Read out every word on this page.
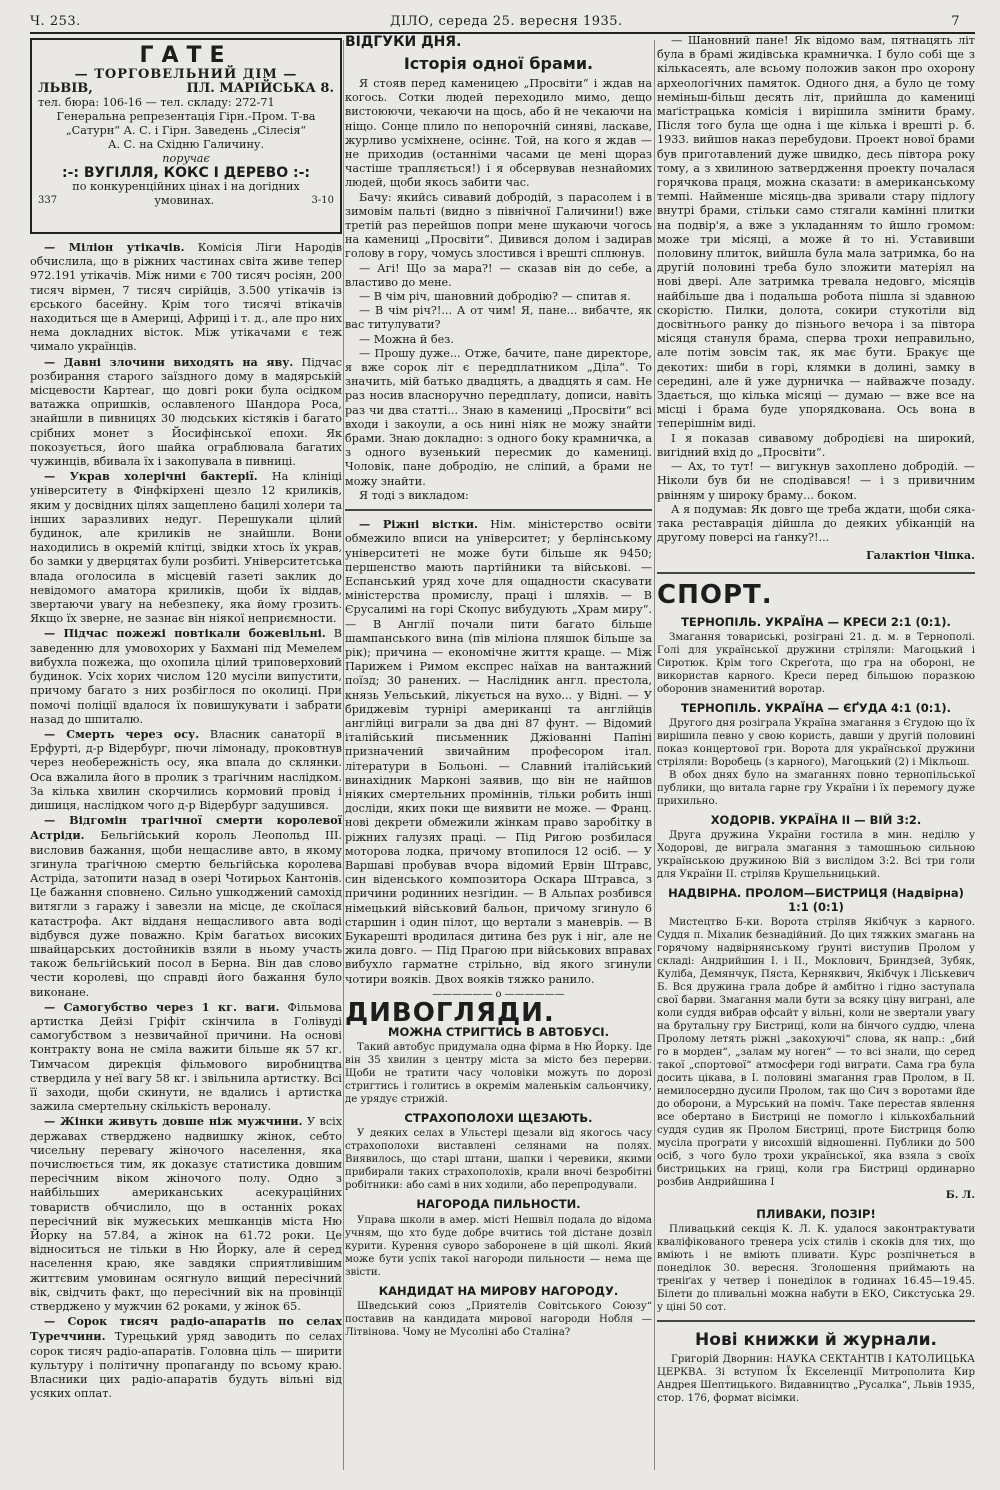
Ч. 253.	ДІЛО, середа 25. вересня 1935.	7
ГАТЕ
— ТОРГОВЕЛЬНИЙ ДІМ —
ЛЬВІВ,	ПЛ. МАРІЙСЬКА 8.
тел. бюра: 106-16 — тел. складу: 272-71
Генеральна репрезентація Гірн.-Пром. Т-ва
„Сатурн“ А. С. і Гірн. Заведень „Сілесія“
А. С. на Східню Галичину.
поручає
:-: ВУГІЛЛЯ, КОКС І ДЕРЕВО :-:
по конкуренційних цінах і на догідних
337	умовинах.	3-10

— Міліон утікачів. Комісія Ліги Народів обчислила, що в ріжних частинах світа живе тепер 972.191 утікачів. Між ними є 700 тисяч росіян, 200 тисяч вірмен, 7 тисяч сирійців, 3.500 утікачів із єрського басейну. Крім того тисячі втікачів находиться ще в Америці, Африці і т. д., але про них нема докладних вісток. Між утікачами є теж чимало українців.

— Давні злочини виходять на яву. Підчас розбирання старого заїздного дому в мадярській місцевости Картеаг, що довгі роки була осідком ватажка опришків, ославленого Шандора Роса, знайшли в пивницях 30 людських кістяків і багато срібних монет з Йосифінської епохи. Як покозується, його шайка ограблювала багатих чужинців, вбивала їх і закопувала в пивниці.

— Украв холерічні бактерії. На клініці університету в Фінфкірхені щезло 12 криликів, яким у досвідних цілях защеплено бацилі холери та інших заразливих недуг. Перешукали цілий будинок, але криликів не знайшли. Вони находились в окремій клітці, звідки хтось їх украв, бо замки у дверцятах були розбиті. Університетська влада оголосила в місцевій газеті заклик до невідомого аматора криликів, щоби їх віддав, звертаючи увагу на небезпеку, яка йому грозить. Якщо їх зверне, не зазнає він ніякої неприємности.

— Підчас пожежі повтікали божевільні. В заведенню для умовохорих у Бахмані під Мемелем вибухла пожежа, що охопила цілий триповерховий будинок. Усіх хорих числом 120 мусіли випустити, причому багато з них розбіглося по околиці. При помочі поліції вдалося їх повишукувати і забрати назад до шпиталю.

— Смерть через осу. Власник санаторії в Ерфурті, д-р Відербург, пючи лімонаду, проковтнув через необережність осу, яка впала до склянки. Оса вжалила його в пролик з трагічним наслідком. За кілька хвилин скорчились кормовий провід і дишиця, наслідком чого д-р Відербург задушився.

— Відгомін трагічної смерти королевої Астріди. Бельгійський король Леопольд III. висловив бажання, щоби нещасливе авто, в якому згинула трагічною смертю бельгійська королева Астріда, затопити назад в озері Чотирьох Кантонів. Це бажання сповнено. Сильно ушкоджений самохід витягли з гаражу і завезли на місце, де скоїлася катастрофа. Акт відданя нещасливого авта воді відбувся дуже поважно. Крім багатьох високих швайцарських достойників взяли в ньому участь також бельгійський посол в Берна. Він дав слово чести королеві, що справді його бажання було виконане.

— Самогубство через 1 кг. ваги. Фільмова артистка Дейзі Гріфіт скінчила в Голівуді самогубством з незвичайної причини. На основі контракту вона не сміла важити більше як 57 кг. Тимчасом дирекція фільмового виробництва ствердила у неї вагу 58 кг. і звільнила артистку. Всі її заходи, щоби скинути, не вдались і артистка зажила смертельну скількість вероналу.

— Жінки живуть довше ніж мужчини. У всіх державах стверджено надвишку жінок, себто чисельну перевагу жіночого населення, яка почислюється тим, як доказує статистика довшим пересічним віком жіночого полу. Одно з найбільших американських асекураційних товариств обчислило, що в останніх роках пересічний вік мужеських мешканців міста Ню Йорку на 57.84, а жінок на 61.72 роки. Це відноситься не тільки в Ню Йорку, але й серед населення краю, яке завдяки сприятливішим життєвим умовинам осягнуло вищий пересічний вік, свідчить факт, що пересічний вік на провінції стверджено у мужчин 62 роками, у жінок 65.

— Сорок тисяч радіо-апаратів по селах Туреччини. Турецький уряд заводить по селах сорок тисяч радіо-апаратів. Головна ціль — ширити культуру і політичну пропаганду по всьому краю. Власники цих радіо-апаратів будуть вільні від усяких оплат.

ВІДГУКИ ДНЯ.
Історія одної брами.

Я стояв перед каменицею „Просвіти“ і ждав на когось. Сотки людей переходило мимо, дещо вистоюючи, чекаючи на щось, або й не чекаючи на ніщо. Сонце плило по непорочній синяві, ласкаве, журливо усміхнене, осіннє. Той, на кого я ждав — не приходив (останніми часами це мені щораз частіше трапляється!) і я обсервував незнайомих людей, щоби якось забити час.

Бачу: якийсь сивавий добродій, з парасолем і в зимовім пальті (видно з північної Галичини!) вже третій раз перейшов попри мене шукаючи чогось на камениці „Просвіти“. Дивився долом і задирав голову в гору, чомусь злостився і врешті сплюнув.

— Агі! Що за мара?! — сказав він до себе, а властиво до мене.

— В чім річ, шановний добродію? — спитав я.

— В чім річ?!... А от чим! Я, пане... вибачте, як вас титулувати?

— Можна й без.

— Прошу дуже... Отже, бачите, пане директоре, я вже сорок літ є передплатником „Діла“. То значить, мій батько двадцять, а двадцять я сам. Не раз носив власноручно передплату, дописи, навіть раз чи два статті... Знаю в камениці „Просвіти“ всі входи і закоули, а ось нині ніяк не можу знайти брами. Знаю докладно: з одного боку крамничка, а з одного вузенький пересмик до камениці. Чоловік, пане добродію, не сліпий, а брами не можу знайти.

Я тоді з викладом:

— Ріжні вістки. Нім. міністерство освіти обмежило вписи на університет; у берлінському університеті не може бути більше як 9450; першенство мають партійники та військові. — Еспанський уряд хоче для ощадности скасувати міністерства промислу, праці і шляхів. — В Єрусалимі на горі Скопус вибудують „Храм миру“. — В Англії почали пити багато більше шампанського вина (пів міліона пляшок більше за рік); причина — економічне життя краще. — Між Парижем і Римом експрес наїхав на вантажний поїзд; 30 ранених. — Наслідник англ. престола, князь Уельський, лікується на вухо... у Відні. — У бриджевім турнірі американці та англійців англійці виграли за два дні 87 фунт. — Відомий італійський письменник Джіованні Папіні призначений звичайним професором італ. літератури в Больоні. — Славний італійський винахідник Марконі заявив, що він не найшов ніяких смертельних проміннів, тільки робить інші досліди, яких поки ще виявити не може. — Франц. нові декрети обмежили жінкам право заробітку в ріжних галузях праці. — Під Ригою розбилася моторова лодка, причому втопилося 12 осіб. — У Варшаві пробував вчора відомий Ервін Штравс, син віденського композитора Оскара Штравса, з причини родинних незгідин. — В Альпах розбився німецький військовий бальон, причому згинуло 6 старшин і один пілот, що вертали з маневрів. — В Букарешті вродилася дитина без рук і ніг, але не жила довго. — Під Прагою при військових вправах вибухло гарматне стрільно, від якого згинули чотири вояків. Двох вояків тяжко ранило.

—————— o ——————
ДИВОГЛЯДИ.
МОЖНА СТРИГТИСЬ В АВТОБУСІ.

Такий автобус придумала одна фірма в Ню Йорку. Іде він 35 хвилин з центру міста за місто без перерви. Щоби не тратити часу чоловіки можуть по дорозі стригтись і голитись в окремім маленькім сальончику, де урядує стрижій.

СТРАХОПОЛОХИ ЩЕЗАЮТЬ.

У деяких селах в Ульстері щезали від якогось часу страхополохи виставлені селянами на полях. Виявилось, що старі штани, шапки і черевики, якими прибирали таких страхополохів, крали вночі безробітні робітники: або самі в них ходили, або перепродували.

НАГОРОДА ПИЛЬНОСТИ.

Управа школи в амер. місті Нешвіл подала до відома учням, що хто буде добре вчитись той дістане дозвіл курити. Курення суворо заборонене в цій школі. Який може бути успіх такої нагороди пильности — нема ще звісти.

КАНДИДАТ НА МИРОВУ НАГОРОДУ.

Шведський союз „Приятелів Совітського Союзу“ поставив на кандидата мирової нагороди Нобля — Літвінова. Чому не Мусоліні або Сталіна?

— Шановний пане! Як відомо вам, пятнацять літ була в брамі жидівська крамничка. І було собі ще з кількасеять, але всьому положив закон про охорону археологічних памяток. Одного дня, а було це тому неміньш-більш десять літ, прийшла до камениці маґістрацька комісія і вирішила змінити браму. Після того була ще одна і ще кілька і врешті р. б. 1933. вийшов наказ перебудови. Проект нової брами був приготавлений дуже швидко, десь півтора року тому, а з хвилиною затвердження проекту почалася горячкова праця, можна сказати: в американському темпі. Найменше місяць-два зривали стару підлогу внутрі брами, стільки само стягали камінні плитки на подвір'я, а вже з укладанням то йшло громом: може три місяці, а може й то ні. Уставивши половину плиток, вийшла була мала затримка, бо на другій половині треба було зложити матеріял на нові двері. Але затримка тревала недовго, місяців найбільше два і подальша робота пішла зі здавною скорістю. Пилки, долота, сокири стукотіли від досвітнього ранку до пізнього вечора і за півтора місяця стануля брама, сперва трохи неправильно, але потім зовсім так, як має бути. Бракує ще декотих: шиби в горі, клямки в долині, замку в середині, але й уже дурничка — найважче позаду. Здається, що кілька місяці — думаю — вже все на місці і брама буде упорядкована. Ось вона в теперішнім виді.

І я показав сивавому добродієві на широкий, вигідний вхід до „Просвіти“.

— Ах, то тут! — вигукнув захоплено добродій. — Ніколи був би не сподівався! — і з привичним рвінням у широку браму... боком.

А я подумав: Як довго ще треба ждати, щоби сяка-така реставрація дійшла до деяких убіканцій на другому поверсі на ґанку?!...

Галактіон Чіпка.
СПОРТ.
ТЕРНОПІЛЬ. УКРАЇНА — КРЕСИ 2:1 (0:1).

Змагання товариські, розіграні 21. д. м. в Тернополі. Голі для української дружини стріляли: Магоцький і Сиротюк. Крім того Скреґота, що гра на обороні, не використав карного. Креси перед більшою поразкою оборонив знаменитий воротар.

ТЕРНОПІЛЬ. УКРАЇНА — ЄҐУДА 4:1 (0:1).

Другого дня розіграла Україна змагання з Єгудою що їх вирішила певно у свою користь, давши у другій половині показ концертової гри. Ворота для української дружини стріляли: Воробець (з карного), Магоцький (2) і Мікльош.

В обох днях було на змаганнях повно тернопільської публики, що витала гарне гру України і їх перемогу дуже прихильно.

ХОДОРІВ. УКРАЇНА II — ВІЙ 3:2.

Друга дружина України гостила в мин. неділю у Ходорові, де виграла змагання з тамошньою сильною українською дружиною Вій з вислідом 3:2. Всі три голи для України II. стріляв Крушельницький.

НАДВІРНА. ПРОЛОМ—БИСТРИЦЯ (Надвірна) 1:1 (0:1)

Мистецтво Б-ки. Ворота стріляв Якібчук з карного. Суддя п. Міхалик безнадійний. До цих тяжких змагань на горячому надвірнянському ґрунті виступив Пролом у складі: Андрийшин І. і II., Моклович, Бриндзей, Зубяк, Куліба, Демянчук, Пяста, Керняквич, Якібчук і Ліськевич Б. Вся дружина грала добре й амбітно і гідно заступала свої барви. Змагання мали бути за всяку ціну виграні, але коли суддя вибрав офсайт у вільні, коли не звертали увагу на брутальну гру Бистриці, коли на бінчого суддю, члена Пролому летять ріжні „закохуючі“ слова, як напр.: „бий го в морден“, „залам му ноген“ — то всі знали, що серед такої „спортової“ атмосфери годі виграти. Сама гра була досить цікава, в І. половині змагання грав Пролом, в ІІ. немилосердно дусили Пролом, так що Сич з воротами йде до оборони, а Мурський на поміч. Таке перестав явлення все обертано в Бистриці не помогло і кількохбальний суддя судив як Пролом Бистриці, проте Бистриця болю мусіла програти у висохшій відношенні. Публики до 500 осіб, з чого було трохи української, яка взяла з своїх бистрицьких на гриці, коли гра Бистриці ординарно розбив Андрийшина І

Б. Л.
ПЛИВАКИ, ПОЗІР!

Пливацький секція К. Л. К. удалося законтрактувати кваліфікованого тренера усіх стилів і скоків для тих, що вміють і не вміють пливати. Курс розпічнеться в понеділок 30. вересня. Зголошення приймають на треніґах у четвер і понеділок в годинах 16.45—19.45. Білети до пливальні можна набути в ЕКО, Сикстуська 29. у ціні 50 сот.

Нові книжки й журнали.
Григорій Дворнин: НАУКА СЕКТАНТІВ І КАТОЛИЦЬКА ЦЕРКВА. Зі вступом Їх Екселенції Митрополита Кир Андрея Шептицького. Видавництво „Русалка“, Львів 1935, стор. 176, формат вісімки.
